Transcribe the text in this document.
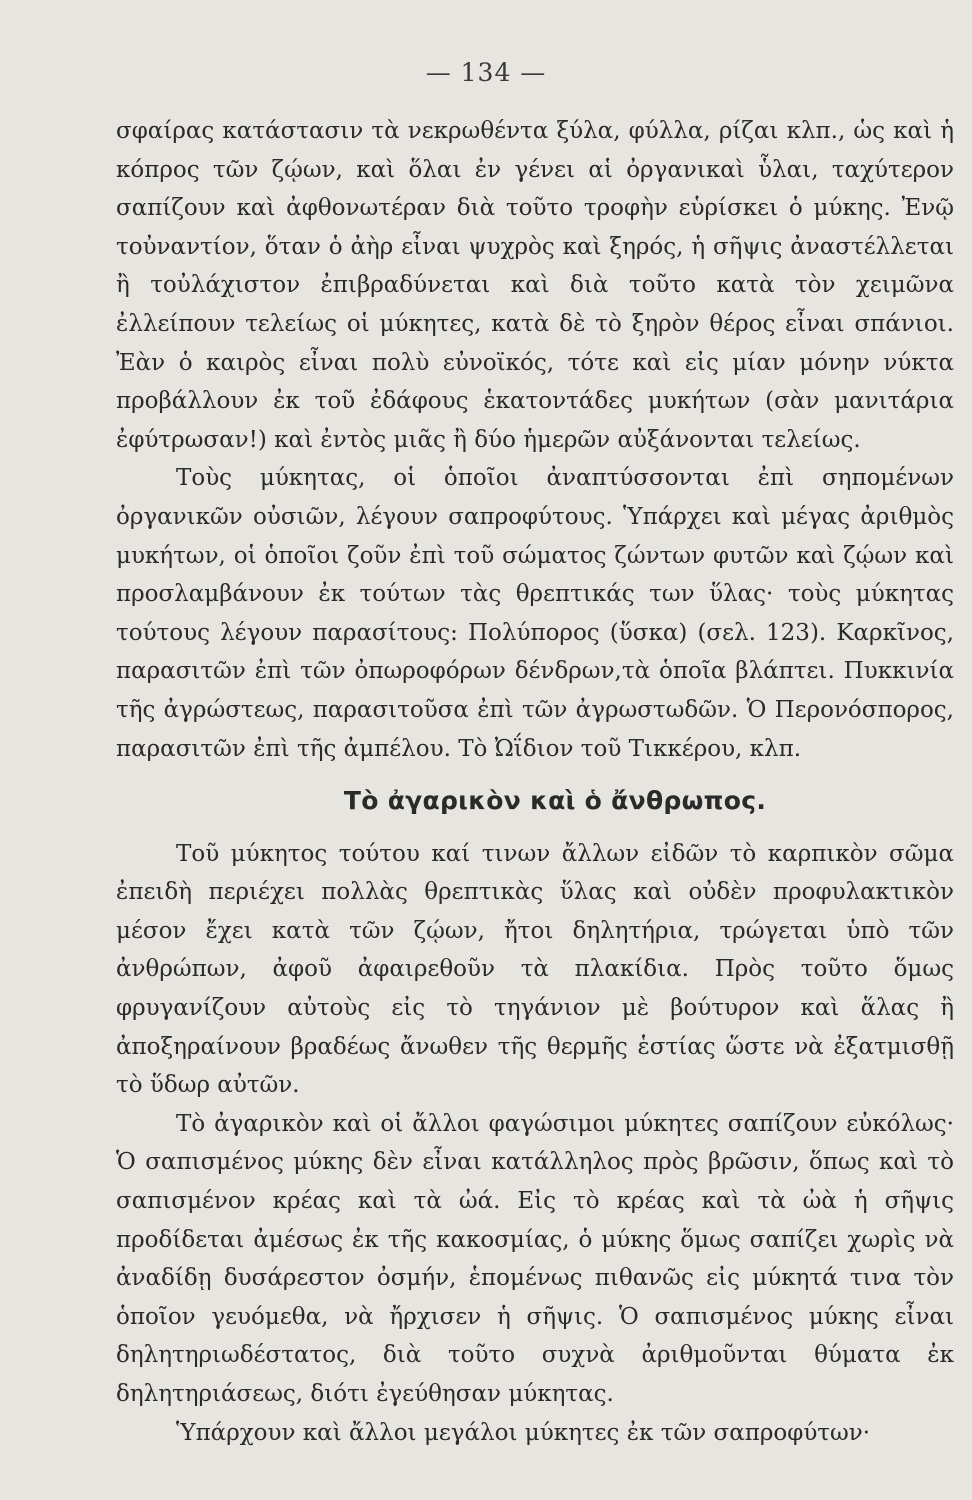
— 134 —

σφαίρας κατάστασιν τὰ νεκρωθέντα ξύλα, φύλλα, ρίζαι κλπ., ὡς καὶ ἡ κόπρος τῶν ζῴων, καὶ ὅλαι ἐν γένει αἱ ὀργανικαὶ ὗλαι, ταχύτερον σαπίζουν καὶ ἀφθονωτέραν διὰ τοῦτο τροφὴν εὑρίσκει ὁ μύκης. Ἐνῷ τοὐναντίον, ὅταν ὁ ἀὴρ εἶναι ψυχρὸς καὶ ξηρός, ἡ σῆψις ἀναστέλλεται ἢ τοὐλάχιστον ἐπιβραδύνεται καὶ διὰ τοῦτο κατὰ τὸν χειμῶνα ἐλλείπουν τελείως οἱ μύκητες, κατὰ δὲ τὸ ξηρὸν θέρος εἶναι σπάνιοι. Ἐὰν ὁ καιρὸς εἶναι πολὺ εὐνοϊκός, τότε καὶ εἰς μίαν μόνην νύκτα προβάλλουν ἐκ τοῦ ἐδάφους ἑκατοντάδες μυκήτων (σὰν μανιτάρια ἐφύτρωσαν!) καὶ ἐντὸς μιᾶς ἢ δύο ἡμερῶν αὐξάνονται τελείως.

Τοὺς μύκητας, οἱ ὁποῖοι ἀναπτύσσονται ἐπὶ σηπομένων ὀργανικῶν οὐσιῶν, λέγουν σαπροφύτους. Ὑπάρχει καὶ μέγας ἀριθμὸς μυκήτων, οἱ ὁποῖοι ζοῦν ἐπὶ τοῦ σώματος ζώντων φυτῶν καὶ ζῴων καὶ προσλαμβάνουν ἐκ τούτων τὰς θρεπτικάς των ὕλας· τοὺς μύκητας τούτους λέγουν παρασίτους: Πολύπορος (ὕσκα) (σελ. 123). Καρκῖνος, παρασιτῶν ἐπὶ τῶν ὀπωροφόρων δένδρων,τὰ ὁποῖα βλάπτει. Πυκκινία τῆς ἀγρώστεως, παρασιτοῦσα ἐπὶ τῶν ἀγρωστωδῶν. Ὁ Περονόσπορος, παρασιτῶν ἐπὶ τῆς ἀμπέλου. Τὸ Ὠΐδιον τοῦ Τικκέρου, κλπ.

Τὸ ἀγαρικὸν καὶ ὁ ἄνθρωπος.

Τοῦ μύκητος τούτου καί τινων ἄλλων εἰδῶν τὸ καρπικὸν σῶμα ἐπειδὴ περιέχει πολλὰς θρεπτικὰς ὕλας καὶ οὐδὲν προφυλακτικὸν μέσον ἔχει κατὰ τῶν ζῴων, ἤτοι δηλητήρια, τρώγεται ὑπὸ τῶν ἀνθρώπων, ἀφοῦ ἀφαιρεθοῦν τὰ πλακίδια. Πρὸς τοῦτο ὅμως φρυγανίζουν αὐτοὺς εἰς τὸ τηγάνιον μὲ βούτυρον καὶ ἅλας ἢ ἀποξηραίνουν βραδέως ἄνωθεν τῆς θερμῆς ἑστίας ὥστε νὰ ἐξατμισθῇ τὸ ὕδωρ αὐτῶν.

Τὸ ἀγαρικὸν καὶ οἱ ἄλλοι φαγώσιμοι μύκητες σαπίζουν εὐκόλως· Ὁ σαπισμένος μύκης δὲν εἶναι κατάλληλος πρὸς βρῶσιν, ὅπως καὶ τὸ σαπισμένον κρέας καὶ τὰ ὠά. Εἰς τὸ κρέας καὶ τὰ ὠὰ ἡ σῆψις προδίδεται ἀμέσως ἐκ τῆς κακοσμίας, ὁ μύκης ὅμως σαπίζει χωρὶς νὰ ἀναδίδῃ δυσάρεστον ὀσμήν, ἑπομένως πιθανῶς εἰς μύκητά τινα τὸν ὁποῖον γευόμεθα, νὰ ἤρχισεν ἡ σῆψις. Ὁ σαπισμένος μύκης εἶναι δηλητηριωδέστατος, διὰ τοῦτο συχνὰ ἀριθμοῦνται θύματα ἐκ δηλητηριάσεως, διότι ἐγεύθησαν μύκητας.

Ὑπάρχουν καὶ ἄλλοι μεγάλοι μύκητες ἐκ τῶν σαπροφύτων·
